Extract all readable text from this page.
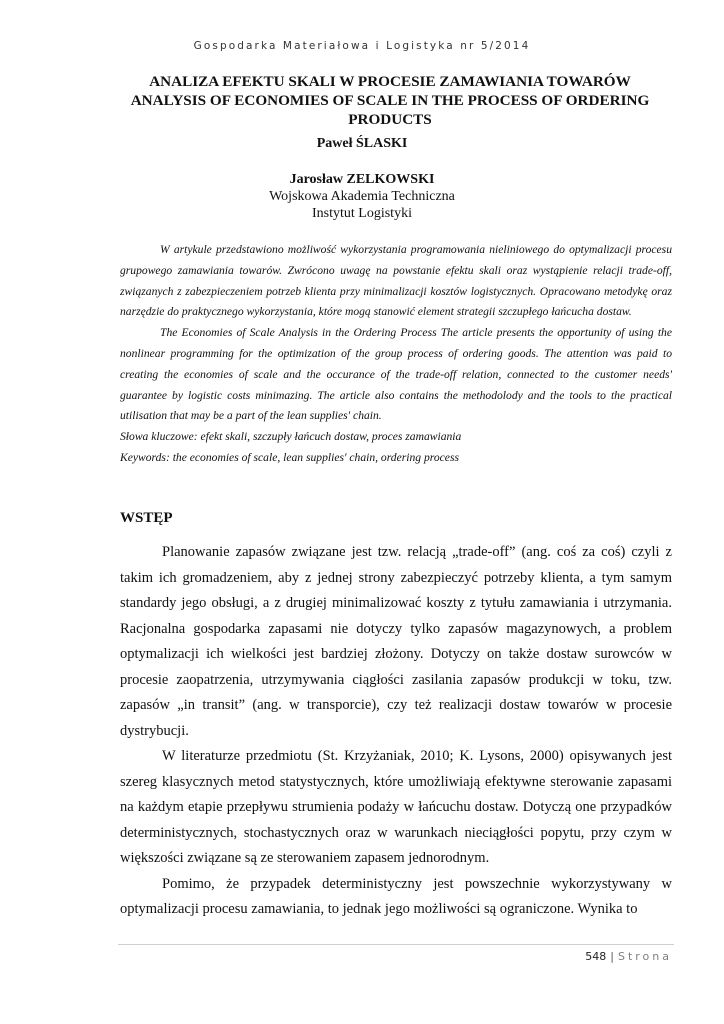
Gospodarka Materiałowa i Logistyka nr 5/2014
ANALIZA EFEKTU SKALI W PROCESIE ZAMAWIANIA TOWARÓW
ANALYSIS OF ECONOMIES OF SCALE IN THE PROCESS OF ORDERING PRODUCTS
Paweł ŚLASKI
Jarosław ZELKOWSKI
Wojskowa Akademia Techniczna
Instytut Logistyki

W artykule przedstawiono możliwość wykorzystania programowania nieliniowego do optymalizacji procesu grupowego zamawiania towarów. Zwrócono uwagę na powstanie efektu skali oraz wystąpienie relacji trade-off, związanych z zabezpieczeniem potrzeb klienta przy minimalizacji kosztów logistycznych. Opracowano metodykę oraz narzędzie do praktycznego wykorzystania, które mogą stanowić element strategii szczupłego łańcucha dostaw.

The Economies of Scale Analysis in the Ordering Process The article presents the opportunity of using the nonlinear programming for the optimization of the group process of ordering goods. The attention was paid to creating the economies of scale and the occurance of the trade-off relation, connected to the customer needs' guarantee by logistic costs minimazing. The article also contains the methodolody and the tools to the practical utilisation that may be a part of the lean supplies' chain.

Słowa kluczowe: efekt skali, szczupły łańcuch dostaw, proces zamawiania

Keywords: the economies of scale, lean supplies' chain, ordering process

WSTĘP

Planowanie zapasów związane jest tzw. relacją „trade-off” (ang. coś za coś) czyli z takim ich gromadzeniem, aby z jednej strony zabezpieczyć potrzeby klienta, a tym samym standardy jego obsługi, a z drugiej minimalizować koszty z tytułu zamawiania i utrzymania. Racjonalna gospodarka zapasami nie dotyczy tylko zapasów magazynowych, a problem optymalizacji ich wielkości jest bardziej złożony. Dotyczy on także dostaw surowców w procesie zaopatrzenia, utrzymywania ciągłości zasilania zapasów produkcji w toku, tzw. zapasów „in transit” (ang. w transporcie), czy też realizacji dostaw towarów w procesie dystrybucji.

W literaturze przedmiotu (St. Krzyżaniak, 2010; K. Lysons, 2000) opisywanych jest szereg klasycznych metod statystycznych, które umożliwiają efektywne sterowanie zapasami na każdym etapie przepływu strumienia podaży w łańcuchu dostaw. Dotyczą one przypadków deterministycznych, stochastycznych oraz w warunkach nieciągłości popytu, przy czym w większości związane są ze sterowaniem zapasem jednorodnym.

Pomimo, że przypadek deterministyczny jest powszechnie wykorzystywany w optymalizacji procesu zamawiania, to jednak jego możliwości są ograniczone. Wynika to

548 | Strona
